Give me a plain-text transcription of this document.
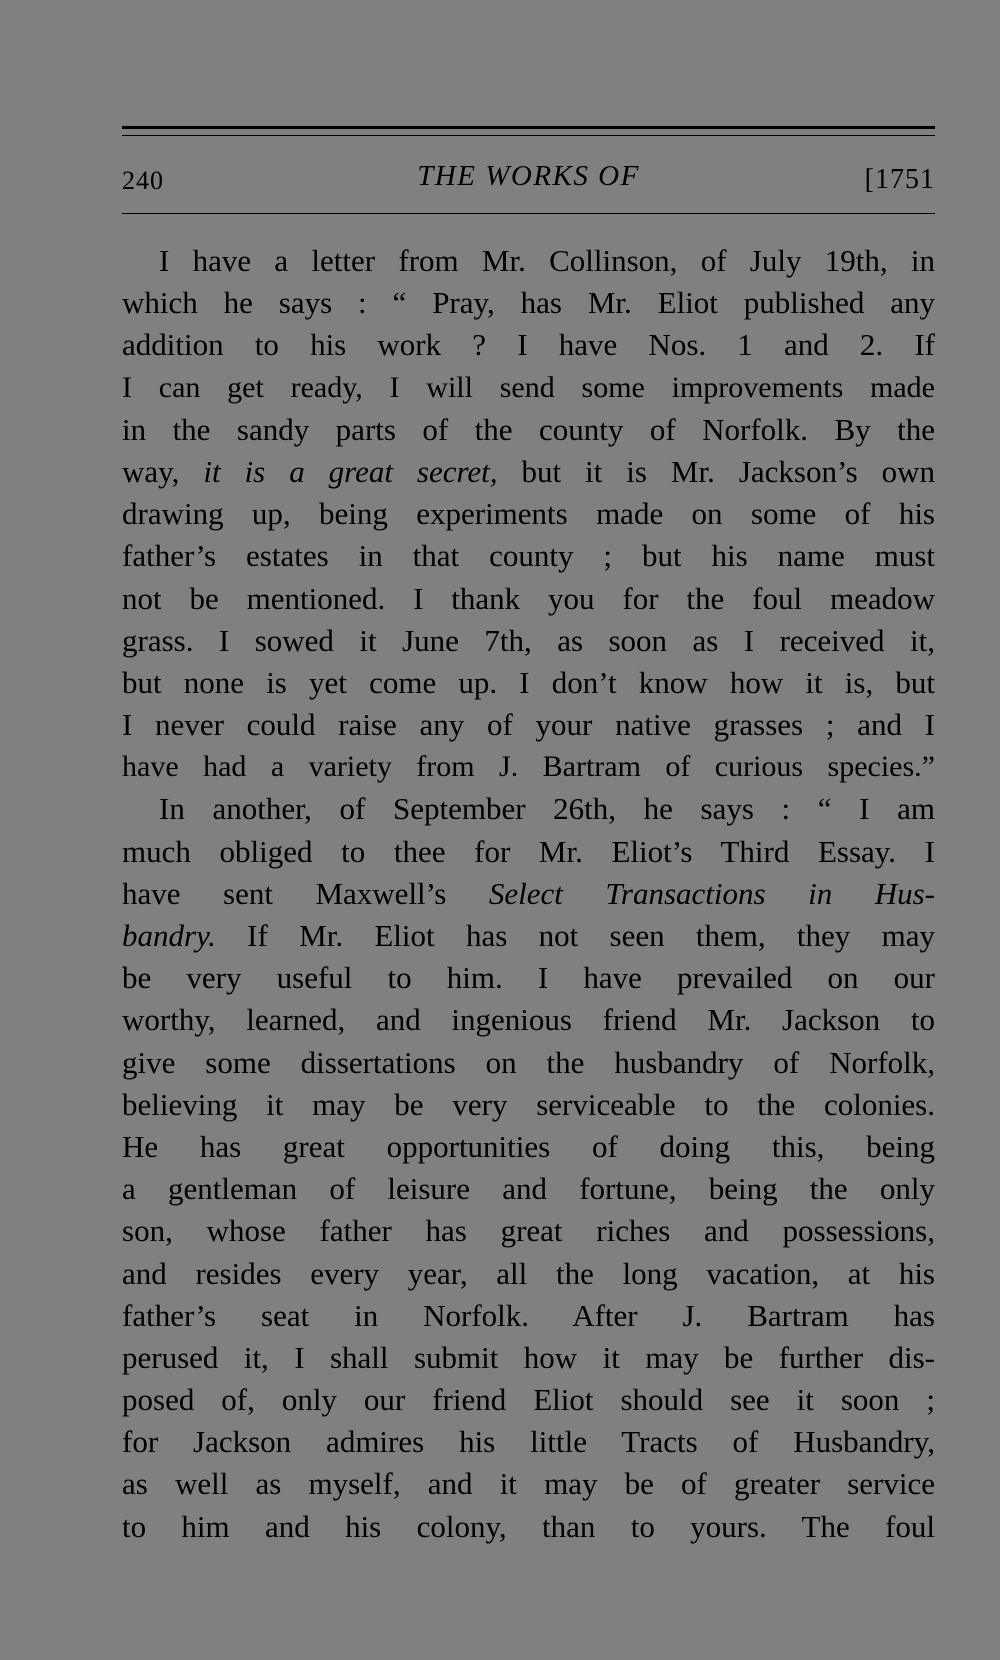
240	THE WORKS OF	[1751
I have a letter from Mr. Collinson, of July 19th, in
which he says : “ Pray, has Mr. Eliot published any
addition to his work ? I have Nos. 1 and 2. If
I can get ready, I will send some improvements made
in the sandy parts of the county of Norfolk. By the
way, it is a great secret, but it is Mr. Jackson’s own
drawing up, being experiments made on some of his
father’s estates in that county ; but his name must
not be mentioned. I thank you for the foul meadow
grass. I sowed it June 7th, as soon as I received it,
but none is yet come up. I don’t know how it is, but
I never could raise any of your native grasses ; and I
have had a variety from J. Bartram of curious species.”
In another, of September 26th, he says : “ I am
much obliged to thee for Mr. Eliot’s Third Essay. I
have sent Maxwell’s Select Transactions in Hus-
bandry. If Mr. Eliot has not seen them, they may
be very useful to him. I have prevailed on our
worthy, learned, and ingenious friend Mr. Jackson to
give some dissertations on the husbandry of Norfolk,
believing it may be very serviceable to the colonies.
He has great opportunities of doing this, being
a gentleman of leisure and fortune, being the only
son, whose father has great riches and possessions,
and resides every year, all the long vacation, at his
father’s seat in Norfolk. After J. Bartram has
perused it, I shall submit how it may be further dis-
posed of, only our friend Eliot should see it soon ;
for Jackson admires his little Tracts of Husbandry,
as well as myself, and it may be of greater service
to him and his colony, than to yours. The foul
